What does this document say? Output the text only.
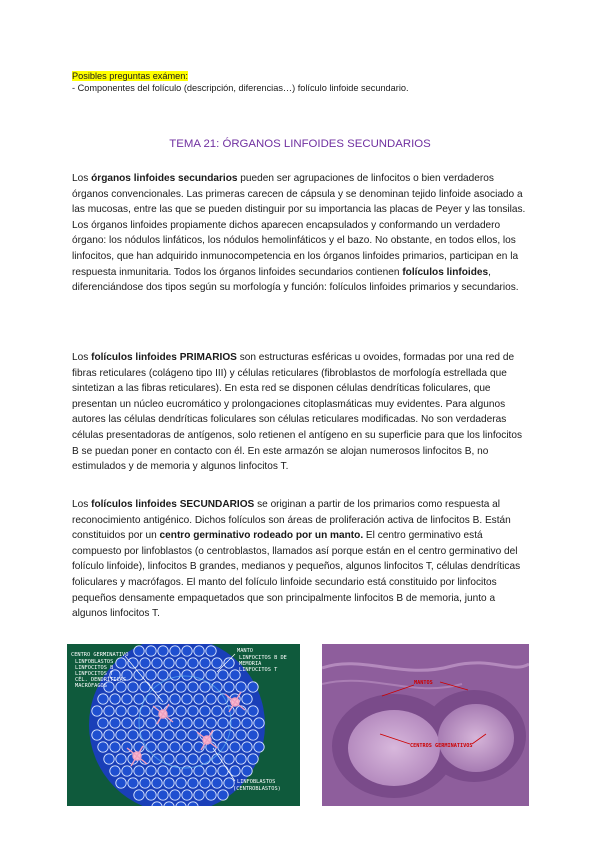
Posibles preguntas exámen:
- Componentes del folículo (descripción, diferencias…) folículo linfoide secundario.
TEMA 21: ÓRGANOS LINFOIDES SECUNDARIOS

Los órganos linfoides secundarios pueden ser agrupaciones de linfocitos o bien verdaderos órganos convencionales. Las primeras carecen de cápsula y se denominan tejido linfoide asociado a las mucosas, entre las que se pueden distinguir por su importancia las placas de Peyer y las tonsilas. Los órganos linfoides propiamente dichos aparecen encapsulados y conformando un verdadero órgano: los nódulos linfáticos, los nódulos hemolinfáticos y el bazo. No obstante, en todos ellos, los linfocitos, que han adquirido inmunocompetencia en los órganos linfoides primarios, participan en la respuesta inmunitaria. Todos los órganos linfoides secundarios contienen folículos linfoides, diferenciándose dos tipos según su morfología y función: folículos linfoides primarios y secundarios.

Los folículos linfoides PRIMARIOS son estructuras esféricas u ovoides, formadas por una red de fibras reticulares (colágeno tipo III) y células reticulares (fibroblastos de morfología estrellada que sintetizan a las fibras reticulares). En esta red se disponen células dendríticas foliculares, que presentan un núcleo eucromático y prolongaciones citoplasmáticas muy evidentes. Para algunos autores las células dendríticas foliculares son células reticulares modificadas. No son verdaderas células presentadoras de antígenos, solo retienen el antígeno en su superficie para que los linfocitos B se puedan poner en contacto con él. En este armazón se alojan numerosos linfocitos B, no estimulados y de memoria y algunos linfocitos T.

Los folículos linfoides SECUNDARIOS se originan a partir de los primarios como respuesta al reconocimiento antigénico. Dichos folículos son áreas de proliferación activa de linfocitos B. Están constituidos por un centro germinativo rodeado por un manto. El centro germinativo está compuesto por linfoblastos (o centroblastos, llamados así porque están en el centro germinativo del folículo linfoide), linfocitos B grandes, medianos y pequeños, algunos linfocitos T, células dendríticas foliculares y macrófagos. El manto del folículo linfoide secundario está constituido por linfocitos pequeños densamente empaquetados que son principalmente linfocitos B de memoria, junto a algunos linfocitos T.

CENTRO GERMINATIVO
LINFOBLASTOS
LINFOCITOS B
LINFOCITOS T
CÉL. DENDRÍTICAS
MACRÓFAGOS
MANTO
LINFOCITOS B DE
MEMORIA
LINFOCITOS T
LINFOBLASTOS
(CENTROBLASTOS)
MANTOS
CENTROS GERMINATIVOS
